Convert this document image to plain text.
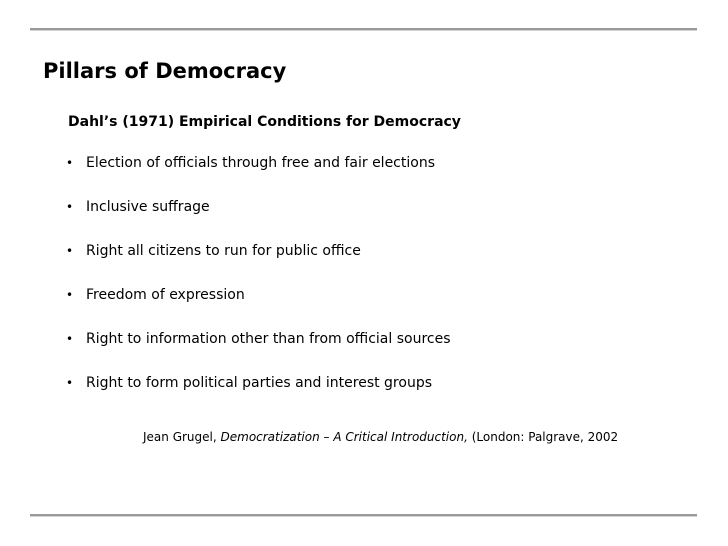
Pillars of Democracy
Dahl’s (1971) Empirical Conditions for Democracy
• Election of officials through free and fair elections
• Inclusive suffrage
• Right all citizens to run for public office
• Freedom of expression
• Right to information other than from official sources
• Right to form political parties and interest groups
Jean Grugel, Democratization – A Critical Introduction, (London: Palgrave, 2002
